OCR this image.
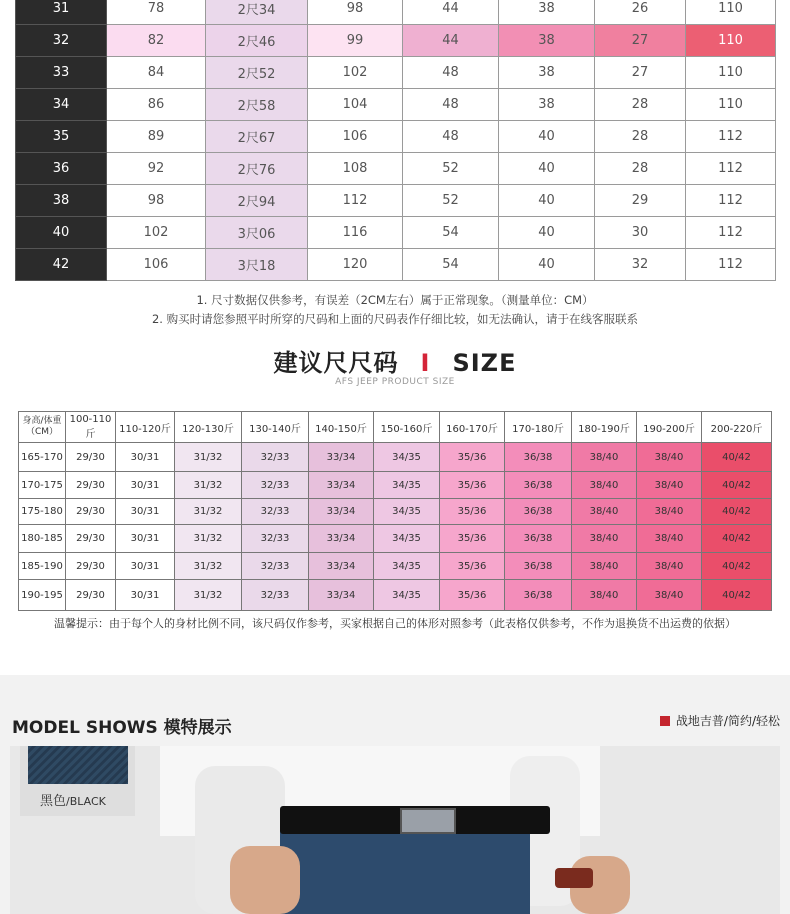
31	78	2尺34	98	44	38	26	110
32	82	2尺46	99	44	38	27	110
33	84	2尺52	102	48	38	27	110
34	86	2尺58	104	48	38	28	110
35	89	2尺67	106	48	40	28	112
36	92	2尺76	108	52	40	28	112
38	98	2尺94	112	52	40	29	112
40	102	3尺06	116	54	40	30	112
42	106	3尺18	120	54	40	32	112
1. 尺寸数据仅供参考，有误差（2CM左右）属于正常现象。（测量单位：CM）
2. 购买时请您参照平时所穿的尺码和上面的尺码表作仔细比较，如无法确认，请于在线客服联系
建议尺尺码 I SIZE
AFS JEEP PRODUCT SIZE
身高/体重
（CM）	100-110斤	110-120斤	120-130斤	130-140斤	140-150斤	150-160斤	160-170斤	170-180斤	180-190斤	190-200斤	200-220斤
165-170	29/30	30/31	31/32	32/33	33/34	34/35	35/36	36/38	38/40	38/40	40/42
170-175	29/30	30/31	31/32	32/33	33/34	34/35	35/36	36/38	38/40	38/40	40/42
175-180	29/30	30/31	31/32	32/33	33/34	34/35	35/36	36/38	38/40	38/40	40/42
180-185	29/30	30/31	31/32	32/33	33/34	34/35	35/36	36/38	38/40	38/40	40/42
185-190	29/30	30/31	31/32	32/33	33/34	34/35	35/36	36/38	38/40	38/40	40/42
190-195	29/30	30/31	31/32	32/33	33/34	34/35	35/36	36/38	38/40	38/40	40/42
温馨提示：由于每个人的身材比例不同，该尺码仅作参考，买家根据自己的体形对照参考（此表格仅供参考，不作为退换货不出运费的依据）
MODEL SHOWS 模特展示	战地吉普/简约/轻松
黑色/BLACK
